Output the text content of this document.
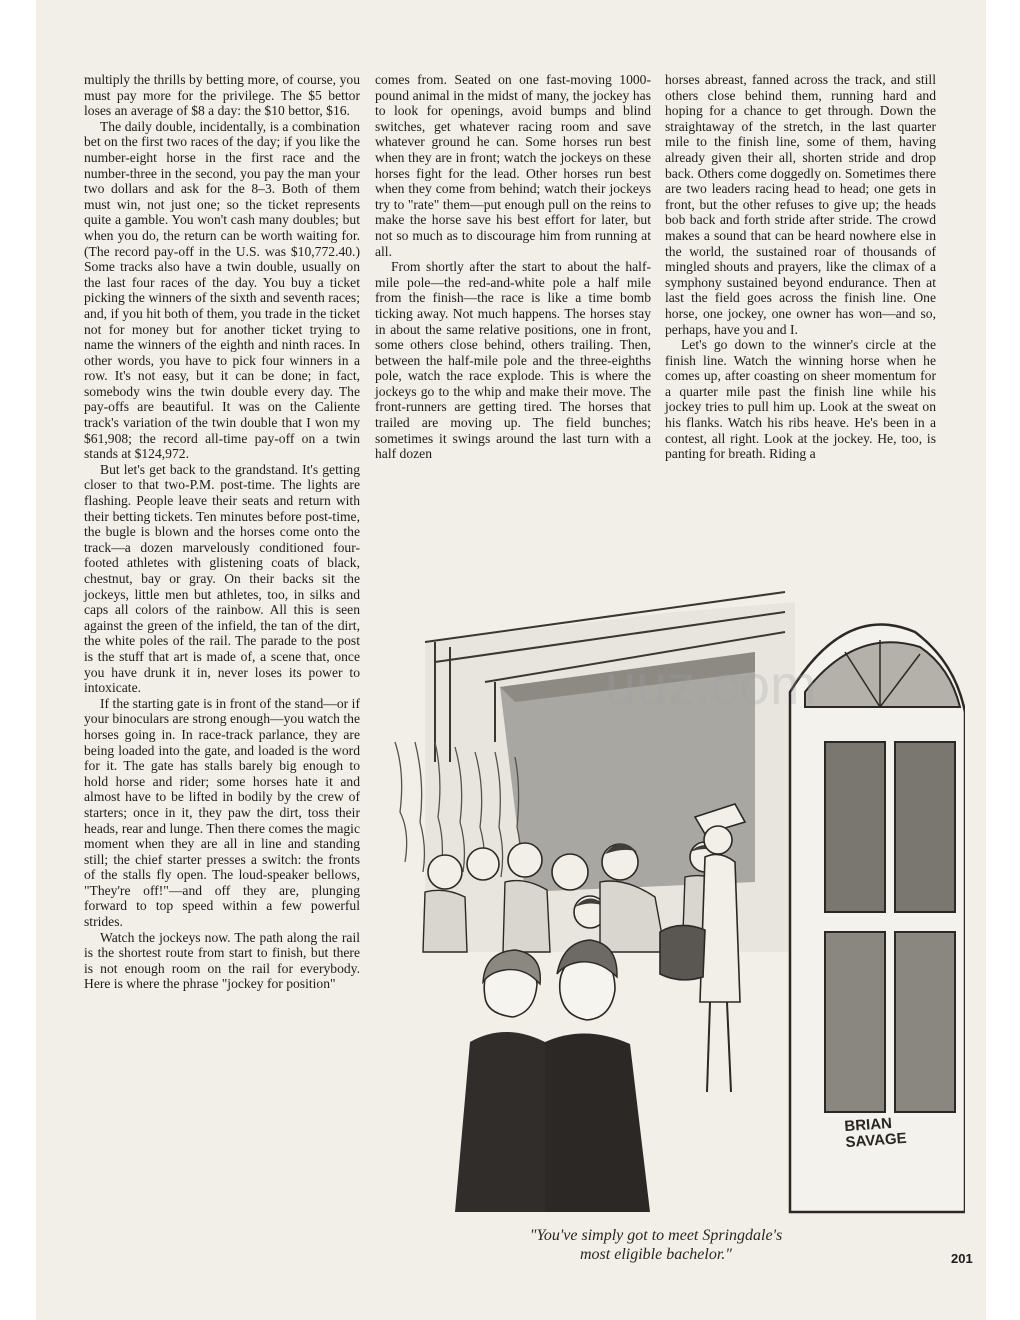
multiply the thrills by betting more, of course, you must pay more for the privilege. The $5 bettor loses an average of $8 a day: the $10 bettor, $16.

The daily double, incidentally, is a combination bet on the first two races of the day; if you like the number-eight horse in the first race and the number-three in the second, you pay the man your two dollars and ask for the 8–3. Both of them must win, not just one; so the ticket represents quite a gamble. You won't cash many doubles; but when you do, the return can be worth waiting for. (The record pay-off in the U.S. was $10,772.40.) Some tracks also have a twin double, usually on the last four races of the day. You buy a ticket picking the winners of the sixth and seventh races; and, if you hit both of them, you trade in the ticket not for money but for another ticket trying to name the winners of the eighth and ninth races. In other words, you have to pick four winners in a row. It's not easy, but it can be done; in fact, somebody wins the twin double every day. The pay-offs are beautiful. It was on the Caliente track's variation of the twin double that I won my $61,908; the record all-time pay-off on a twin stands at $124,972.

But let's get back to the grandstand. It's getting closer to that two-P.M. post-time. The lights are flashing. People leave their seats and return with their betting tickets. Ten minutes before post-time, the bugle is blown and the horses come onto the track—a dozen marvelously conditioned four-footed athletes with glistening coats of black, chestnut, bay or gray. On their backs sit the jockeys, little men but athletes, too, in silks and caps all colors of the rainbow. All this is seen against the green of the infield, the tan of the dirt, the white poles of the rail. The parade to the post is the stuff that art is made of, a scene that, once you have drunk it in, never loses its power to intoxicate.

If the starting gate is in front of the stand—or if your binoculars are strong enough—you watch the horses going in. In race-track parlance, they are being loaded into the gate, and loaded is the word for it. The gate has stalls barely big enough to hold horse and rider; some horses hate it and almost have to be lifted in bodily by the crew of starters; once in it, they paw the dirt, toss their heads, rear and lunge. Then there comes the magic moment when they are all in line and standing still; the chief starter presses a switch: the fronts of the stalls fly open. The loud-speaker bellows, "They're off!"—and off they are, plunging forward to top speed within a few powerful strides.

Watch the jockeys now. The path along the rail is the shortest route from start to finish, but there is not enough room on the rail for everybody. Here is where the phrase "jockey for position"

comes from. Seated on one fast-moving 1000-pound animal in the midst of many, the jockey has to look for openings, avoid bumps and blind switches, get whatever racing room and save whatever ground he can. Some horses run best when they are in front; watch the jockeys on these horses fight for the lead. Other horses run best when they come from behind; watch their jockeys try to "rate" them—put enough pull on the reins to make the horse save his best effort for later, but not so much as to discourage him from running at all.

From shortly after the start to about the half-mile pole—the red-and-white pole a half mile from the finish—the race is like a time bomb ticking away. Not much happens. The horses stay in about the same relative positions, one in front, some others close behind, others trailing. Then, between the half-mile pole and the three-eighths pole, watch the race explode. This is where the jockeys go to the whip and make their move. The front-runners are getting tired. The horses that trailed are moving up. The field bunches; sometimes it swings around the last turn with a half dozen

horses abreast, fanned across the track, and still others close behind them, running hard and hoping for a chance to get through. Down the straightaway of the stretch, in the last quarter mile to the finish line, some of them, having already given their all, shorten stride and drop back. Others come doggedly on. Sometimes there are two leaders racing head to head; one gets in front, but the other refuses to give up; the heads bob back and forth stride after stride. The crowd makes a sound that can be heard nowhere else in the world, the sustained roar of thousands of mingled shouts and prayers, like the climax of a symphony sustained beyond endurance. Then at last the field goes across the finish line. One horse, one jockey, one owner has won—and so, perhaps, have you and I.

Let's go down to the winner's circle at the finish line. Watch the winning horse when he comes up, after coasting on sheer momentum for a quarter mile past the finish line while his jockey tries to pull him up. Look at the sweat on his flanks. Watch his ribs heave. He's been in a contest, all right. Look at the jockey. He, too, is panting for breath. Riding a

uuz.com
BRIAN
SAVAGE
"You've simply got to meet Springdale's
most eligible bachelor."	201
